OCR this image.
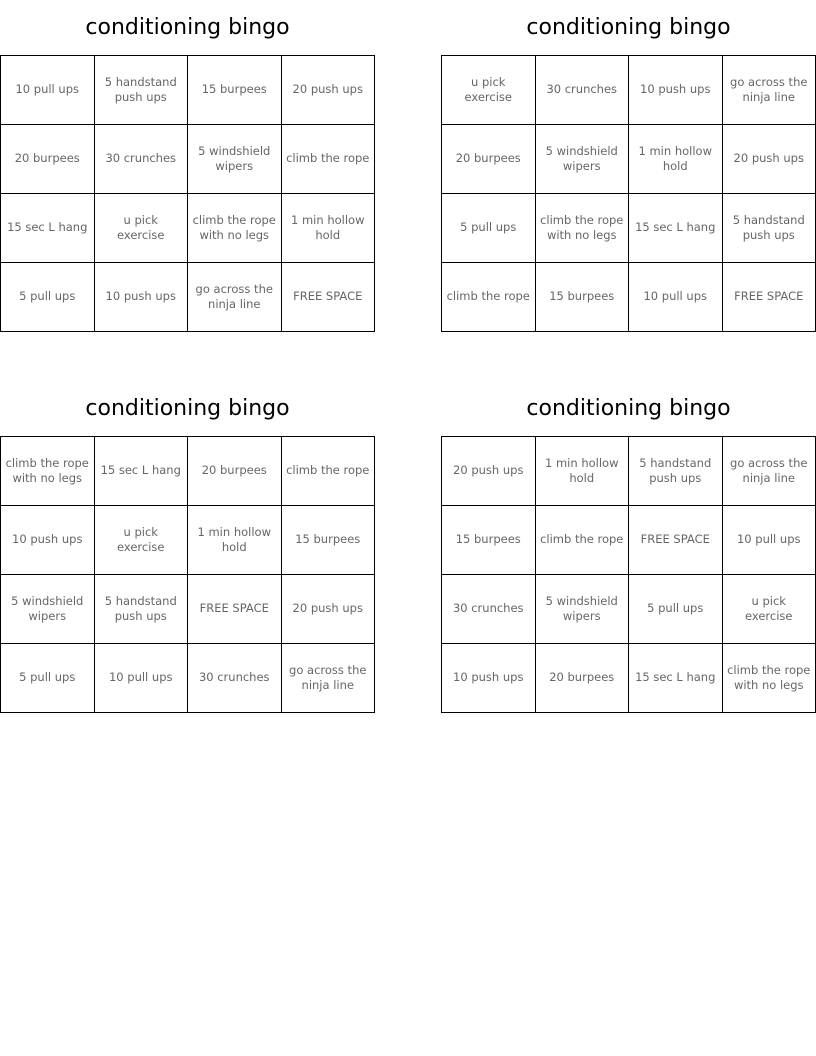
conditioning bingo
10 pull ups	5 handstand push ups	15 burpees	20 push ups
20 burpees	30 crunches	5 windshield wipers	climb the rope
15 sec L hang	u pick exercise	climb the rope with no legs	1 min hollow hold
5 pull ups	10 push ups	go across the ninja line	FREE SPACE
conditioning bingo
u pick exercise	30 crunches	10 push ups	go across the ninja line
20 burpees	5 windshield wipers	1 min hollow hold	20 push ups
5 pull ups	climb the rope with no legs	15 sec L hang	5 handstand push ups
climb the rope	15 burpees	10 pull ups	FREE SPACE
conditioning bingo
climb the rope with no legs	15 sec L hang	20 burpees	climb the rope
10 push ups	u pick exercise	1 min hollow hold	15 burpees
5 windshield wipers	5 handstand push ups	FREE SPACE	20 push ups
5 pull ups	10 pull ups	30 crunches	go across the ninja line
conditioning bingo
20 push ups	1 min hollow hold	5 handstand push ups	go across the ninja line
15 burpees	climb the rope	FREE SPACE	10 pull ups
30 crunches	5 windshield wipers	5 pull ups	u pick exercise
10 push ups	20 burpees	15 sec L hang	climb the rope with no legs
